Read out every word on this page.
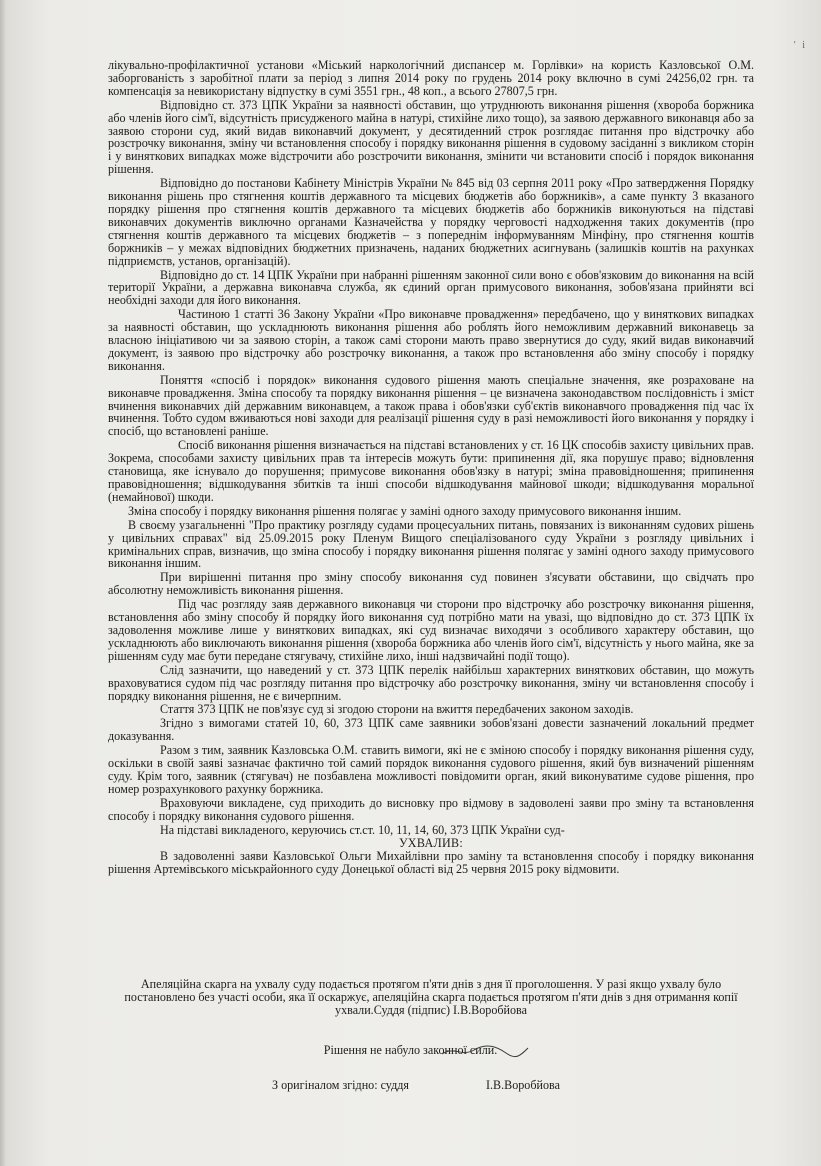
' i

лікувально-профілактичної установи «Міський наркологічний диспансер м. Горлівки» на користь Казловської О.М. заборгованість з заробітної плати за період з липня 2014 року по грудень 2014 року включно в сумі 24256,02 грн. та компенсація за невикористану відпустку в сумі 3551 грн., 48 коп., а всього 27807,5 грн.

Відповідно ст. 373 ЦПК України за наявності обставин, що утруднюють виконання рішення (хвороба боржника або членів його сім'ї, відсутність присудженого майна в натурі, стихійне лихо тощо), за заявою державного виконавця або за заявою сторони суд, який видав виконавчий документ, у десятиденний строк розглядає питання про відстрочку або розстрочку виконання, зміну чи встановлення способу і порядку виконання рішення в судовому засіданні з викликом сторін і у виняткових випадках може відстрочити або розстрочити виконання, змінити чи встановити спосіб і порядок виконання рішення.

Відповідно до постанови Кабінету Міністрів України № 845 від 03 серпня 2011 року «Про затвердження Порядку виконання рішень про стягнення коштів державного та місцевих бюджетів або боржників», а саме пункту 3 вказаного порядку рішення про стягнення коштів державного та місцевих бюджетів або боржників виконуються на підставі виконавчих документів виключно органами Казначейства у порядку черговості надходження таких документів (про стягнення коштів державного та місцевих бюджетів – з попереднім інформуванням Мінфіну, про стягнення коштів боржників – у межах відповідних бюджетних призначень, наданих бюджетних асигнувань (залишків коштів на рахунках підприємств, установ, організацій).

Відповідно до ст. 14 ЦПК України при набранні рішенням законної сили воно є обов'язковим до виконання на всій території України, а державна виконавча служба, як єдиний орган примусового виконання, зобов'язана прийняти всі необхідні заходи для його виконання.

Частиною 1 статті 36 Закону України «Про виконавче провадження» передбачено, що у виняткових випадках за наявності обставин, що ускладнюють виконання рішення або роблять його неможливим державний виконавець за власною ініціативою чи за заявою сторін, а також самі сторони мають право звернутися до суду, який видав виконавчий документ, із заявою про відстрочку або розстрочку виконання, а також про встановлення або зміну способу і порядку виконання.

Поняття «спосіб і порядок» виконання судового рішення мають спеціальне значення, яке розраховане на виконавче провадження. Зміна способу та порядку виконання рішення – це визначена законодавством послідовність і зміст вчинення виконавчих дій державним виконавцем, а також права і обов'язки суб'єктів виконавчого провадження під час їх вчинення. Тобто судом вживаються нові заходи для реалізації рішення суду в разі неможливості його виконання у порядку і спосіб, що встановлені раніше.

Спосіб виконання рішення визначається на підставі встановлених у ст. 16 ЦК способів захисту цивільних прав. Зокрема, способами захисту цивільних прав та інтересів можуть бути: припинення дії, яка порушує право; відновлення становища, яке існувало до порушення; примусове виконання обов'язку в натурі; зміна правовідношення; припинення правовідношення; відшкодування збитків та інші способи відшкодування майнової шкоди; відшкодування моральної (немайнової) шкоди.

Зміна способу і порядку виконання рішення полягає у заміні одного заходу примусового виконання іншим.

В своєму узагальненні "Про практику розгляду судами процесуальних питань, повязаних із виконанням судових рішень у цивільних справах" від 25.09.2015 року Пленум Вищого спеціалізованого суду України з розгляду цивільних і кримінальних справ, визначив, що зміна способу і порядку виконання рішення полягає у заміні одного заходу примусового виконання іншим.

При вирішенні питання про зміну способу виконання суд повинен з'ясувати обставини, що свідчать про абсолютну неможливість виконання рішення.

Під час розгляду заяв державного виконавця чи сторони про відстрочку або розстрочку виконання рішення, встановлення або зміну способу й порядку його виконання суд потрібно мати на увазі, що відповідно до ст. 373 ЦПК їх задоволення можливе лише у виняткових випадках, які суд визначає виходячи з особливого характеру обставин, що ускладнюють або виключають виконання рішення (хвороба боржника або членів його сім'ї, відсутність у нього майна, яке за рішенням суду має бути передане стягувачу, стихійне лихо, інші надзвичайні події тощо).

Слід зазначити, що наведений у ст. 373 ЦПК перелік найбільш характерних виняткових обставин, що можуть враховуватися судом під час розгляду питання про відстрочку або розстрочку виконання, зміну чи встановлення способу і порядку виконання рішення, не є вичерпним.

Стаття 373 ЦПК не пов'язує суд зі згодою сторони на вжиття передбачених законом заходів.

Згідно з вимогами статей 10, 60, 373 ЦПК саме заявники зобов'язані довести зазначений локальний предмет доказування.

Разом з тим, заявник Казловська О.М. ставить вимоги, які не є зміною способу і порядку виконання рішення суду, оскільки в своїй заяві зазначає фактично той самий порядок виконання судового рішення, який був визначений рішенням суду. Крім того, заявник (стягувач) не позбавлена можливості повідомити орган, який виконуватиме судове рішення, про номер розрахункового рахунку боржника.

Враховуючи викладене, суд приходить до висновку про відмову в задоволені заяви про зміну та встановлення способу і порядку виконання судового рішення.

На підставі викладеного, керуючись ст.ст. 10, 11, 14, 60, 373 ЦПК України суд-

УХВАЛИВ:

В задоволенні заяви Казловської Ольги Михайлівни про заміну та встановлення способу і порядку виконання рішення Артемівського міськрайонного суду Донецької області від 25 червня 2015 року відмовити.

Апеляційна скарга на ухвалу суду подається протягом п'яти днів з дня її проголошення. У разі якщо ухвалу було постановлено без участі особи, яка її оскаржує, апеляційна скарга подається протягом п'яти днів з дня отримання копії ухвали.Суддя (підпис) І.В.Воробйова
Рішення не набуло законної сили.
З оригіналом згідно: суддя	І.В.Воробйова
